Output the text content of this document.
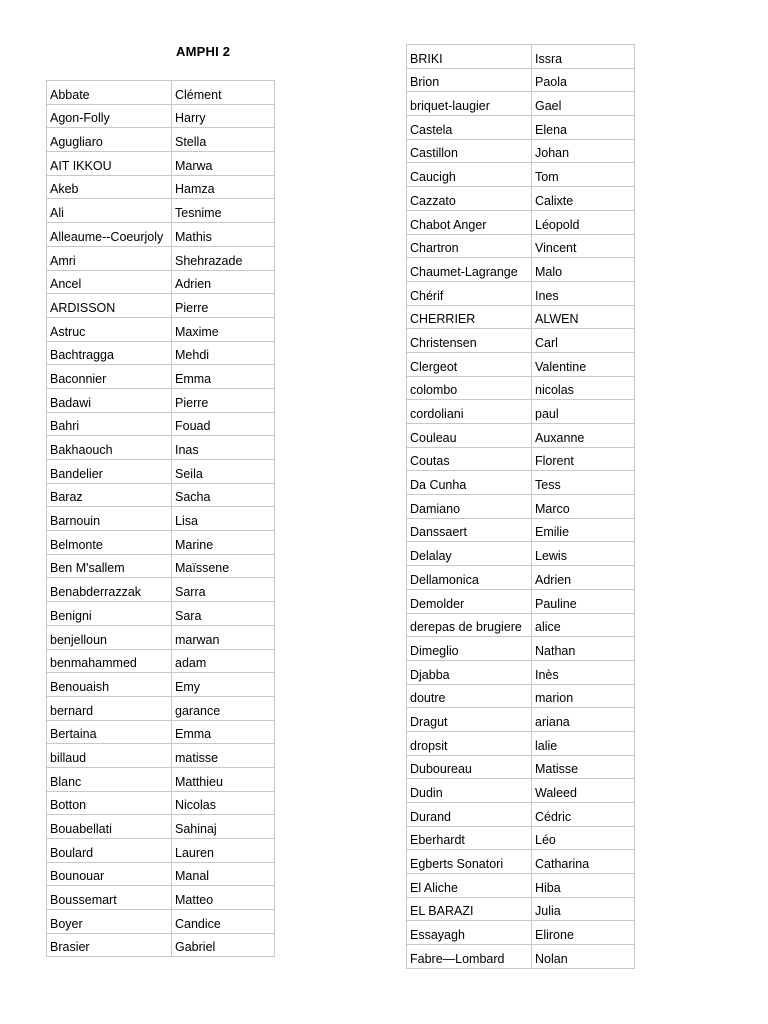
AMPHI 2
Abbate	Clément
Agon-Folly	Harry
Agugliaro	Stella
AIT IKKOU	Marwa
Akeb	Hamza
Ali	Tesnime
Alleaume--Coeurjoly	Mathis
Amri	Shehrazade
Ancel	Adrien
ARDISSON	Pierre
Astruc	Maxime
Bachtragga	Mehdi
Baconnier	Emma
Badawi	Pierre
Bahri	Fouad
Bakhaouch	Inas
Bandelier	Seila
Baraz	Sacha
Barnouin	Lisa
Belmonte	Marine
Ben M'sallem	Maïssene
Benabderrazzak	Sarra
Benigni	Sara
benjelloun	marwan
benmahammed	adam
Benouaish	Emy
bernard	garance
Bertaina	Emma
billaud	matisse
Blanc	Matthieu
Botton	Nicolas
Bouabellati	Sahinaj
Boulard	Lauren
Bounouar	Manal
Boussemart	Matteo
Boyer	Candice
Brasier	Gabriel
BRIKI	Issra
Brion	Paola
briquet-laugier	Gael
Castela	Elena
Castillon	Johan
Caucigh	Tom
Cazzato	Calixte
Chabot Anger	Léopold
Chartron	Vincent
Chaumet-Lagrange	Malo
Chérif	Ines
CHERRIER	ALWEN
Christensen	Carl
Clergeot	Valentine
colombo	nicolas
cordoliani	paul
Couleau	Auxanne
Coutas	Florent
Da Cunha	Tess
Damiano	Marco
Danssaert	Emilie
Delalay	Lewis
Dellamonica	Adrien
Demolder	Pauline
derepas de brugiere	alice
Dimeglio	Nathan
Djabba	Inès
doutre	marion
Dragut	ariana
dropsit	lalie
Duboureau	Matisse
Dudin	Waleed
Durand	Cédric
Eberhardt	Léo
Egberts Sonatori	Catharina
El Aliche	Hiba
EL BARAZI	Julia
Essayagh	Elirone
Fabre—Lombard	Nolan
